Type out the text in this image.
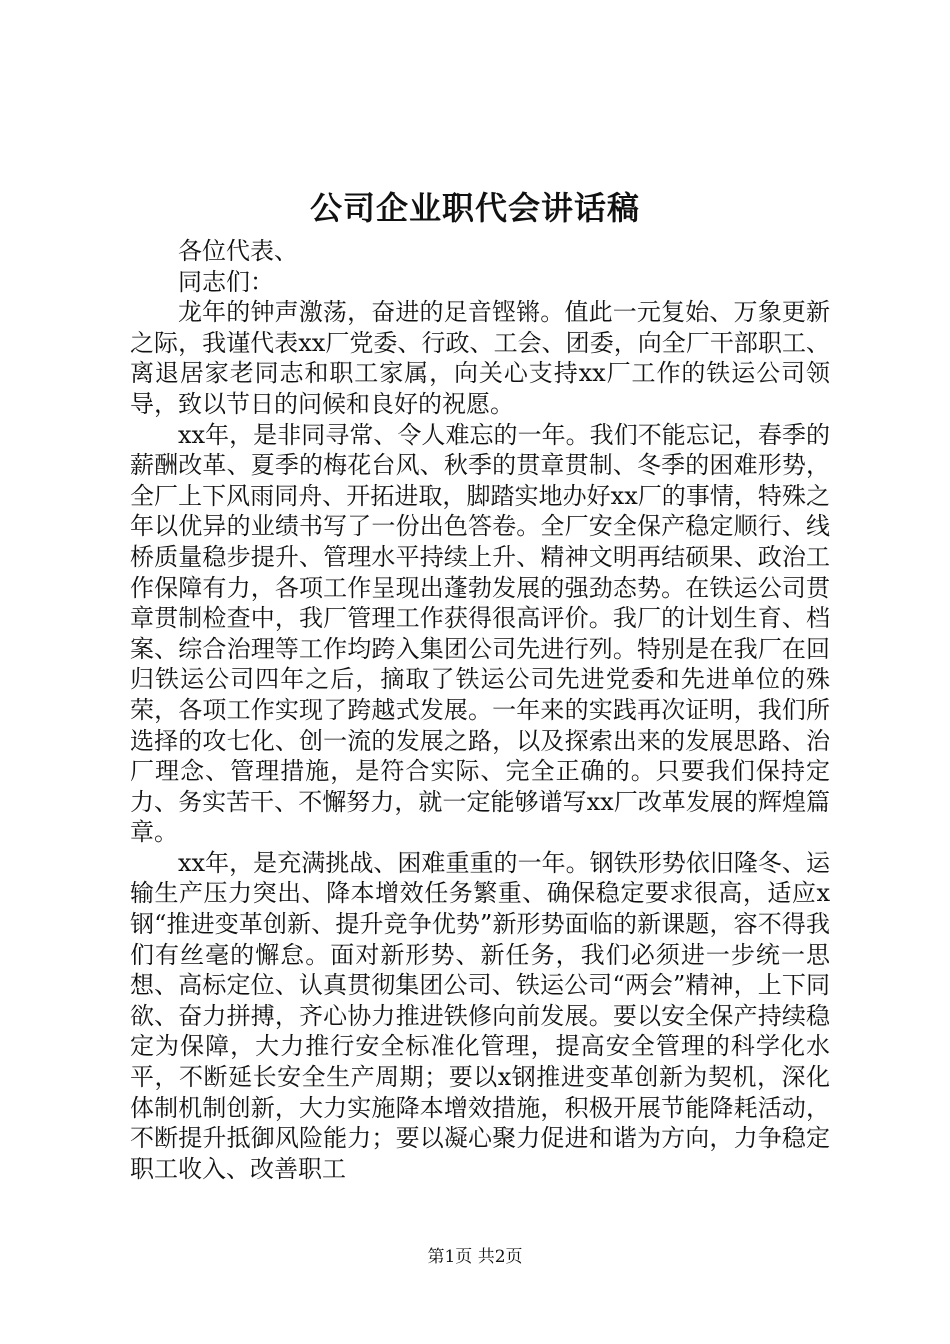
公司企业职代会讲话稿

各位代表、

同志们：

龙年的钟声激荡，奋进的足音铿锵。值此一元复始、万象更新之际，我谨代表xx厂党委、行政、工会、团委，向全厂干部职工、离退居家老同志和职工家属，向关心支持xx厂工作的铁运公司领导，致以节日的问候和良好的祝愿。

xx年，是非同寻常、令人难忘的一年。我们不能忘记，春季的薪酬改革、夏季的梅花台风、秋季的贯章贯制、冬季的困难形势，全厂上下风雨同舟、开拓进取，脚踏实地办好xx厂的事情，特殊之年以优异的业绩书写了一份出色答卷。全厂安全保产稳定顺行、线桥质量稳步提升、管理水平持续上升、精神文明再结硕果、政治工作保障有力，各项工作呈现出蓬勃发展的强劲态势。在铁运公司贯章贯制检查中，我厂管理工作获得很高评价。我厂的计划生育、档案、综合治理等工作均跨入集团公司先进行列。特别是在我厂在回归铁运公司四年之后，摘取了铁运公司先进党委和先进单位的殊荣，各项工作实现了跨越式发展。一年来的实践再次证明，我们所选择的攻七化、创一流的发展之路，以及探索出来的发展思路、治厂理念、管理措施，是符合实际、完全正确的。只要我们保持定力、务实苦干、不懈努力，就一定能够谱写xx厂改革发展的辉煌篇章。

xx年，是充满挑战、困难重重的一年。钢铁形势依旧隆冬、运输生产压力突出、降本增效任务繁重、确保稳定要求很高，适应x钢“推进变革创新、提升竞争优势”新形势面临的新课题，容不得我们有丝毫的懈怠。面对新形势、新任务，我们必须进一步统一思想、高标定位、认真贯彻集团公司、铁运公司“两会”精神，上下同欲、奋力拼搏，齐心协力推进铁修向前发展。要以安全保产持续稳定为保障，大力推行安全标准化管理，提高安全管理的科学化水平，不断延长安全生产周期；要以x钢推进变革创新为契机，深化体制机制创新，大力实施降本增效措施，积极开展节能降耗活动，不断提升抵御风险能力；要以凝心聚力促进和谐为方向，力争稳定职工收入、改善职工

第1页 共2页
